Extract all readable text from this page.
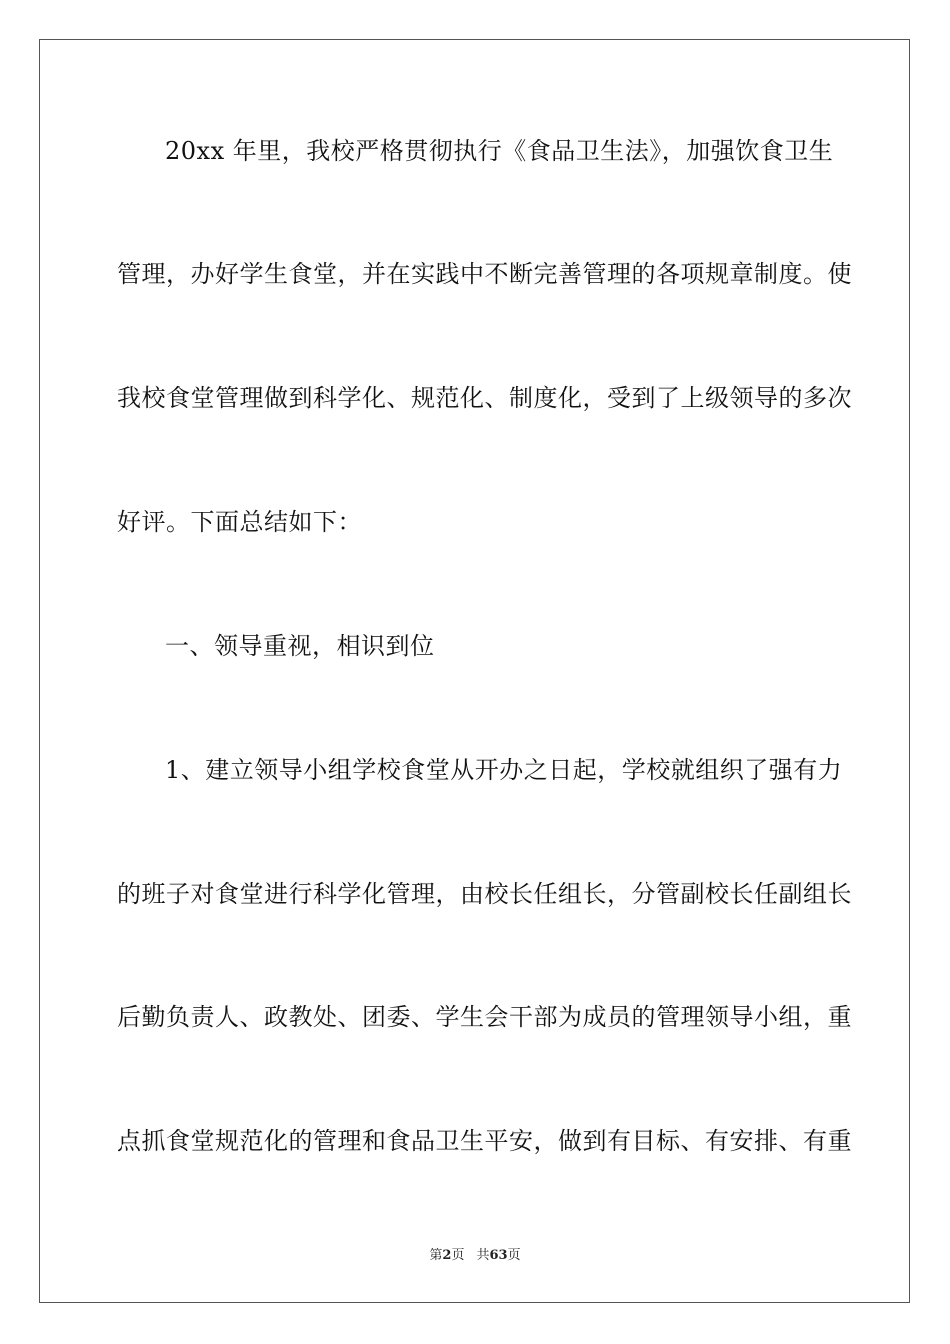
20xx 年里，我校严格贯彻执行《食品卫生法》，加强饮食卫生
管理，办好学生食堂，并在实践中不断完善管理的各项规章制度。使
我校食堂管理做到科学化、规范化、制度化，受到了上级领导的多次
好评。下面总结如下：
一、领导重视，相识到位
1、建立领导小组学校食堂从开办之日起，学校就组织了强有力
的班子对食堂进行科学化管理，由校长任组长，分管副校长任副组长
后勤负责人、政教处、团委、学生会干部为成员的管理领导小组，重
点抓食堂规范化的管理和食品卫生平安，做到有目标、有安排、有重
第2页 共63页
